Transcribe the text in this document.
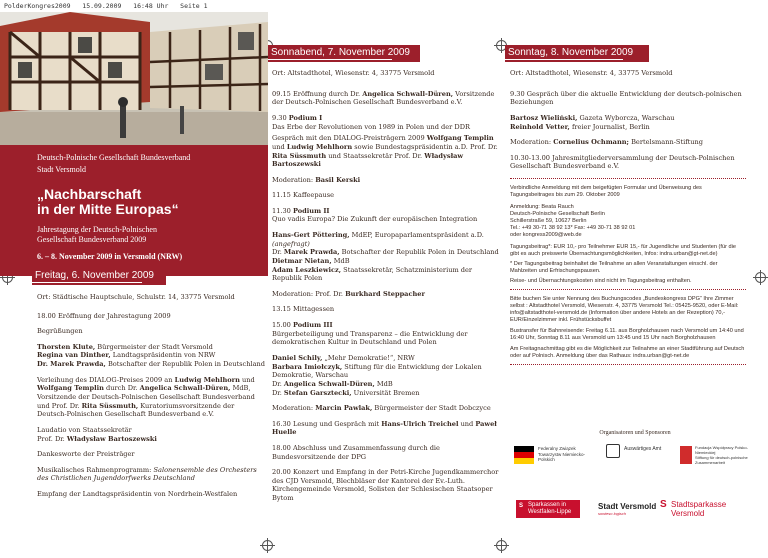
PolderKongres2009 15.09.2009 16:48 Uhr Seite 1
Deutsch-Polnische Gesellschaft Bundesverband
Stadt Versmold
„Nachbarschaft
in der Mitte Europas“
Jahrestagung der Deutsch-Polnischen
Gesellschaft Bundesverband 2009
6. – 8. November 2009 in Versmold (NRW)
Freitag, 6. November 2009

Ort: Städtische Hauptschule, Schulstr. 14, 33775 Versmold

18.00 Eröffnung der Jahrestagung 2009

Begrüßungen

Thorsten Klute, Bürgermeister der Stadt Versmold
Regina van Dinther, Landtagspräsidentin von NRW
Dr. Marek Prawda, Botschafter der Republik Polen in Deutschland

Verleihung des DIALOG-Preises 2009 an Ludwig Mehlhorn und Wolfgang Templin durch Dr. Angelica Schwall-Düren, MdB, Vorsitzende der Deutsch-Polnischen Gesellschaft Bundesverband und Prof. Dr. Rita Süssmuth, Kuratoriumsvorsitzende der Deutsch-Polnischen Gesellschaft Bundesverband e.V.

Laudatio von Staatssekretär
Prof. Dr. Władysław Bartoszewski

Dankesworte der Preisträger

Musikalisches Rahmenprogramm: Salonensemble des Orchesters des Christlichen Jugenddorfwerks Deutschland

Empfang der Landtagspräsidentin von Nordrhein-Westfalen

Sonnabend, 7. November 2009

Ort: Altstadthotel, Wiesenstr. 4, 33775 Versmold

09.15 Eröffnung durch Dr. Angelica Schwall-Düren, Vorsitzende der Deutsch-Polnischen Gesellschaft Bundesverband e.V.

9.30 Podium I
Das Erbe der Revolutionen von 1989 in Polen und der DDR

Gespräch mit den DIALOG-Preisträgern 2009 Wolfgang Templin und Ludwig Mehlhorn sowie Bundestagspräsidentin a.D. Prof. Dr. Rita Süssmuth und Staatssekretär Prof. Dr. Władysław Bartoszewski

Moderation: Basil Kerski

11.15 Kaffeepause

11.30 Podium II
Quo vadis Europa? Die Zukunft der europäischen Integration

Hans-Gert Pöttering, MdEP, Europaparlamentspräsident a.D. (angefragt)
Dr. Marek Prawda, Botschafter der Republik Polen in Deutschland
Dietmar Nietan, MdB
Adam Leszkiewicz, Staatssekretär, Schatzministerium der Republik Polen

Moderation: Prof. Dr. Burkhard Steppacher

13.15 Mittagessen

15.00 Podium III
Bürgerbeteiligung und Transparenz – die Entwicklung der demokratischen Kultur in Deutschland und Polen

Daniel Schily, „Mehr Demokratie!“, NRW
Barbara Imiołczyk, Stiftung für die Entwicklung der Lokalen Demokratie, Warschau
Dr. Angelica Schwall-Düren, MdB
Dr. Stefan Garsztecki, Universität Bremen

Moderation: Marcin Pawlak, Bürgermeister der Stadt Dobczyce

16.30 Lesung und Gespräch mit Hans-Ulrich Treichel und Paweł Huelle

18.00 Abschluss und Zusammenfassung durch die Bundesvorsitzende der DPG

20.00 Konzert und Empfang in der Petri-Kirche Jugendkammerchor des CJD Versmold, Blechbläser der Kantorei der Ev.-Luth. Kirchengemeinde Versmold, Solisten der Schlesischen Staatsoper Bytom

Sonntag, 8. November 2009

Ort: Altstadthotel, Wiesenstr. 4, 33775 Versmold

9.30 Gespräch über die aktuelle Entwicklung der deutsch-polnischen Beziehungen

Bartosz Wieliński, Gazeta Wyborcza, Warschau
Reinhold Vetter, freier Journalist, Berlin

Moderation: Cornelius Ochmann; Bertelsmann-Stiftung

10.30-13.00 Jahresmitgliederversammlung der Deutsch-Polnischen Gesellschaft Bundesverband e.V.

Verbindliche Anmeldung mit dem beigefügten Formular und Überweisung des Tagungsbeitrages bis zum 29. Oktober 2009

Anmeldung: Beata Rauch
Deutsch-Polnische Gesellschaft Berlin
Schillerstraße 59, 10627 Berlin
Tel.: +49 30-71 38 92 13* Fax: +49 30-71 38 92 01
oder kongress2009@web.de

Tagungsbeitrag*: EUR 10,- pro Teilnehmer EUR 15,- für Jugendliche und Studenten (für die gibt es auch preiswerte Übernachtungsmöglichkeiten, Infos: indra.urban@gt-net.de)

* Der Tagungsbeitrag beinhaltet die Teilnahme an allen Veranstaltungen einschl. der Mahlzeiten und Erfrischungspausen.

Reise- und Übernachtungskosten sind nicht im Tagungsbeitrag enthalten.

Bitte buchen Sie unter Nennung des Buchungscodes „Bundeskongress DPG“ Ihre Zimmer selbst : Altstadthotel Versmold, Wiesenstr. 4, 33775 Versmold Tel.: 05425-9520, oder E-Mail: info@altstadthotel-versmold.de (Information über andere Hotels an der Rezeption) 70,- EUR/Einzelzimmer inkl. Frühstücksbuffet

Bustransfer für Bahnreisende: Freitag 6.11. aus Borgholzhausen nach Versmold um 14:40 und 16:40 Uhr, Sonntag 8.11 aus Versmold um 13:45 und 15 Uhr nach Borgholzhausen

Am Freitagnachmittag gibt es die Möglichkeit zur Teilnahme an einer Stadtführung auf Deutsch oder auf Polnisch. Anmeldung über das Rathaus: indra.urban@gt-net.de

Organisatoren und Sponsoren
Federalny Związek Towarzystw Niemiecko-Polskich
Auswärtiges Amt	Fundacja Współpracy Polsko-Niemieckiej
Stiftung für deutsch-polnische Zusammenarbeit
S Sparkassen in Westfalen-Lippe
Stadt Versmold
sowieso logisch
S Stadtsparkasse Versmold
